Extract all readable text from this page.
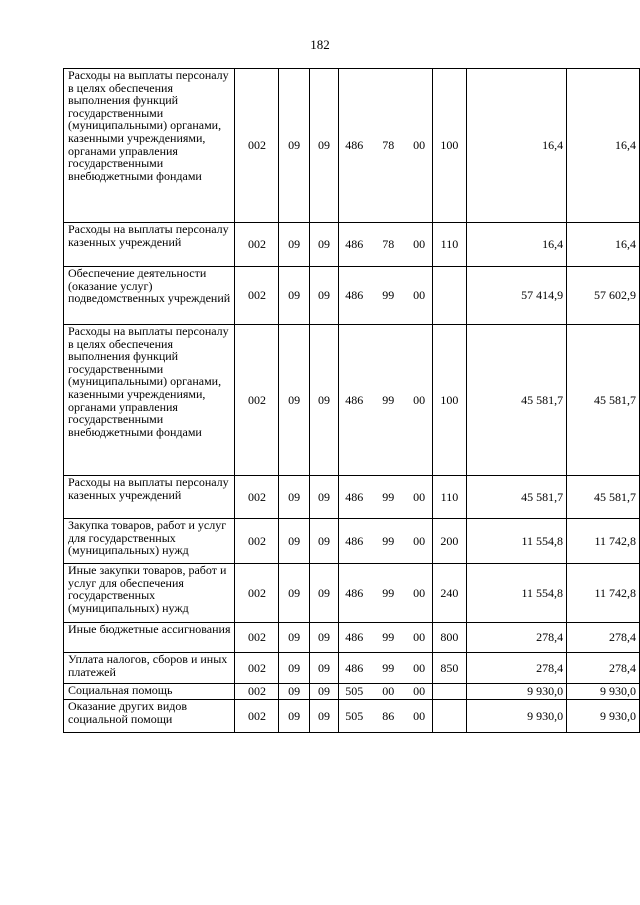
182
Расходы на выплаты персоналу в целях обеспечения выполнения функций государственными (муниципальными) органами, казенными учреждениями, органами управления государственными внебюджетными фондами	002	09	09	486 78 00	100	16,4	16,4
Расходы на выплаты персоналу казенных учреждений	002	09	09	486 78 00	110	16,4	16,4
Обеспечение деятельности (оказание услуг) подведомственных учреждений	002	09	09	486 99 00		57 414,9	57 602,9
Расходы на выплаты персоналу в целях обеспечения выполнения функций государственными (муниципальными) органами, казенными учреждениями, органами управления государственными внебюджетными фондами	002	09	09	486 99 00	100	45 581,7	45 581,7
Расходы на выплаты персоналу казенных учреждений	002	09	09	486 99 00	110	45 581,7	45 581,7
Закупка товаров, работ и услуг для государственных (муниципальных) нужд	002	09	09	486 99 00	200	11 554,8	11 742,8
Иные закупки товаров, работ и услуг для обеспечения государственных (муниципальных) нужд	002	09	09	486 99 00	240	11 554,8	11 742,8
Иные бюджетные ассигнования	002	09	09	486 99 00	800	278,4	278,4
Уплата налогов, сборов и иных платежей	002	09	09	486 99 00	850	278,4	278,4
Социальная помощь	002	09	09	505 00 00		9 930,0	9 930,0
Оказание других видов социальной помощи	002	09	09	505 86 00		9 930,0	9 930,0
